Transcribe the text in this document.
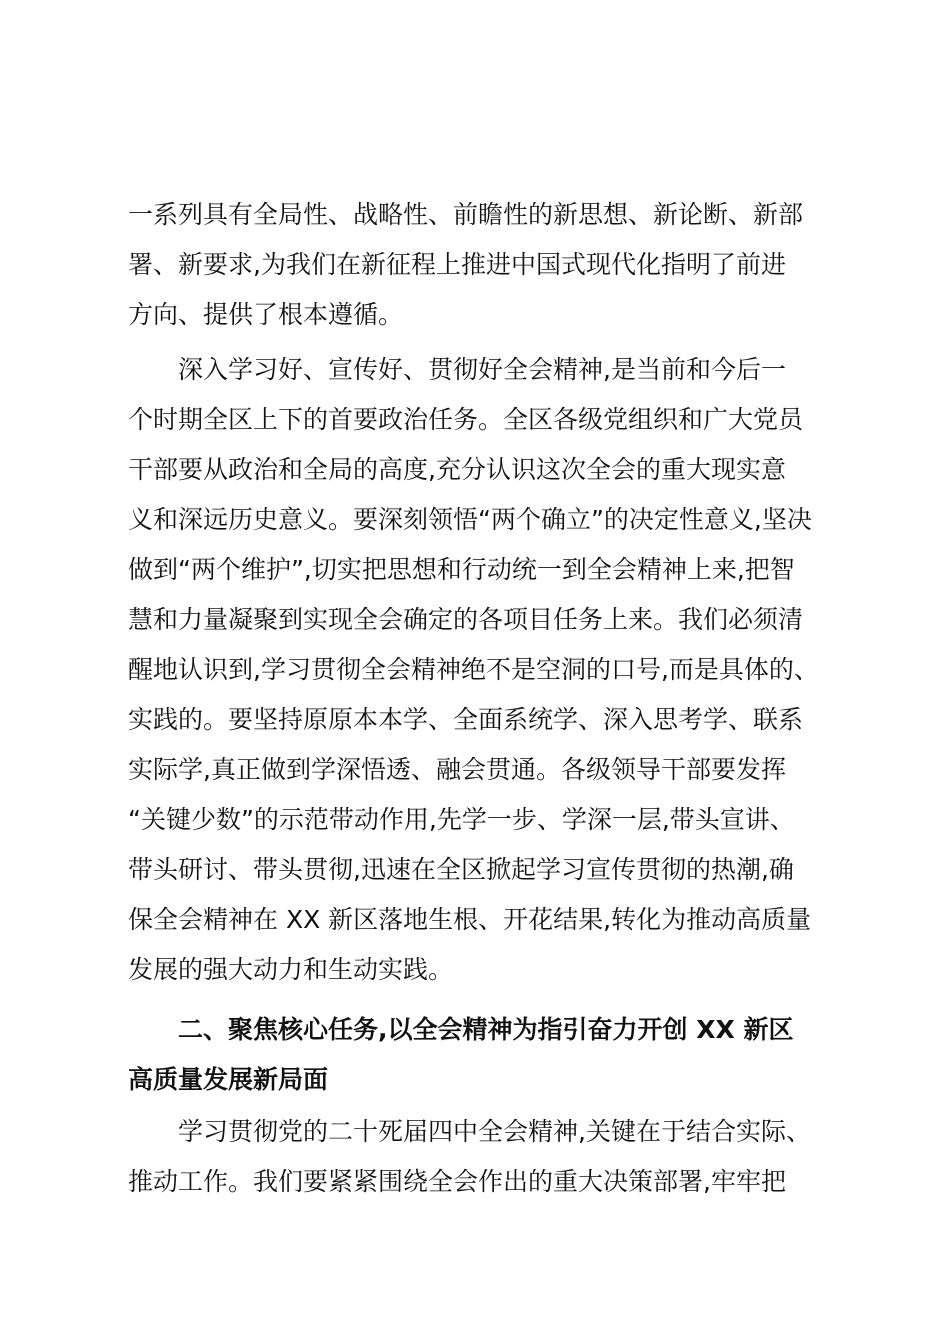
一系列具有全局性、战略性、前瞻性的新思想、新论断、新部
署、新要求,为我们在新征程上推进中国式现代化指明了前进
方向、提供了根本遵循。
深入学习好、宣传好、贯彻好全会精神,是当前和今后一
个时期全区上下的首要政治任务。全区各级党组织和广大党员
干部要从政治和全局的高度,充分认识这次全会的重大现实意
义和深远历史意义。要深刻领悟“两个确立”的决定性意义,坚决
做到“两个维护”,切实把思想和行动统一到全会精神上来,把智
慧和力量凝聚到实现全会确定的各项目任务上来。我们必须清
醒地认识到,学习贯彻全会精神绝不是空洞的口号,而是具体的、
实践的。要坚持原原本本学、全面系统学、深入思考学、联系
实际学,真正做到学深悟透、融会贯通。各级领导干部要发挥
“关键少数”的示范带动作用,先学一步、学深一层,带头宣讲、
带头研讨、带头贯彻,迅速在全区掀起学习宣传贯彻的热潮,确
保全会精神在 XX 新区落地生根、开花结果,转化为推动高质量
发展的强大动力和生动实践。
二、聚焦核心任务,以全会精神为指引奋力开创 XX 新区
高质量发展新局面
学习贯彻党的二十死届四中全会精神,关键在于结合实际、
推动工作。我们要紧紧围绕全会作出的重大决策部署,牢牢把
